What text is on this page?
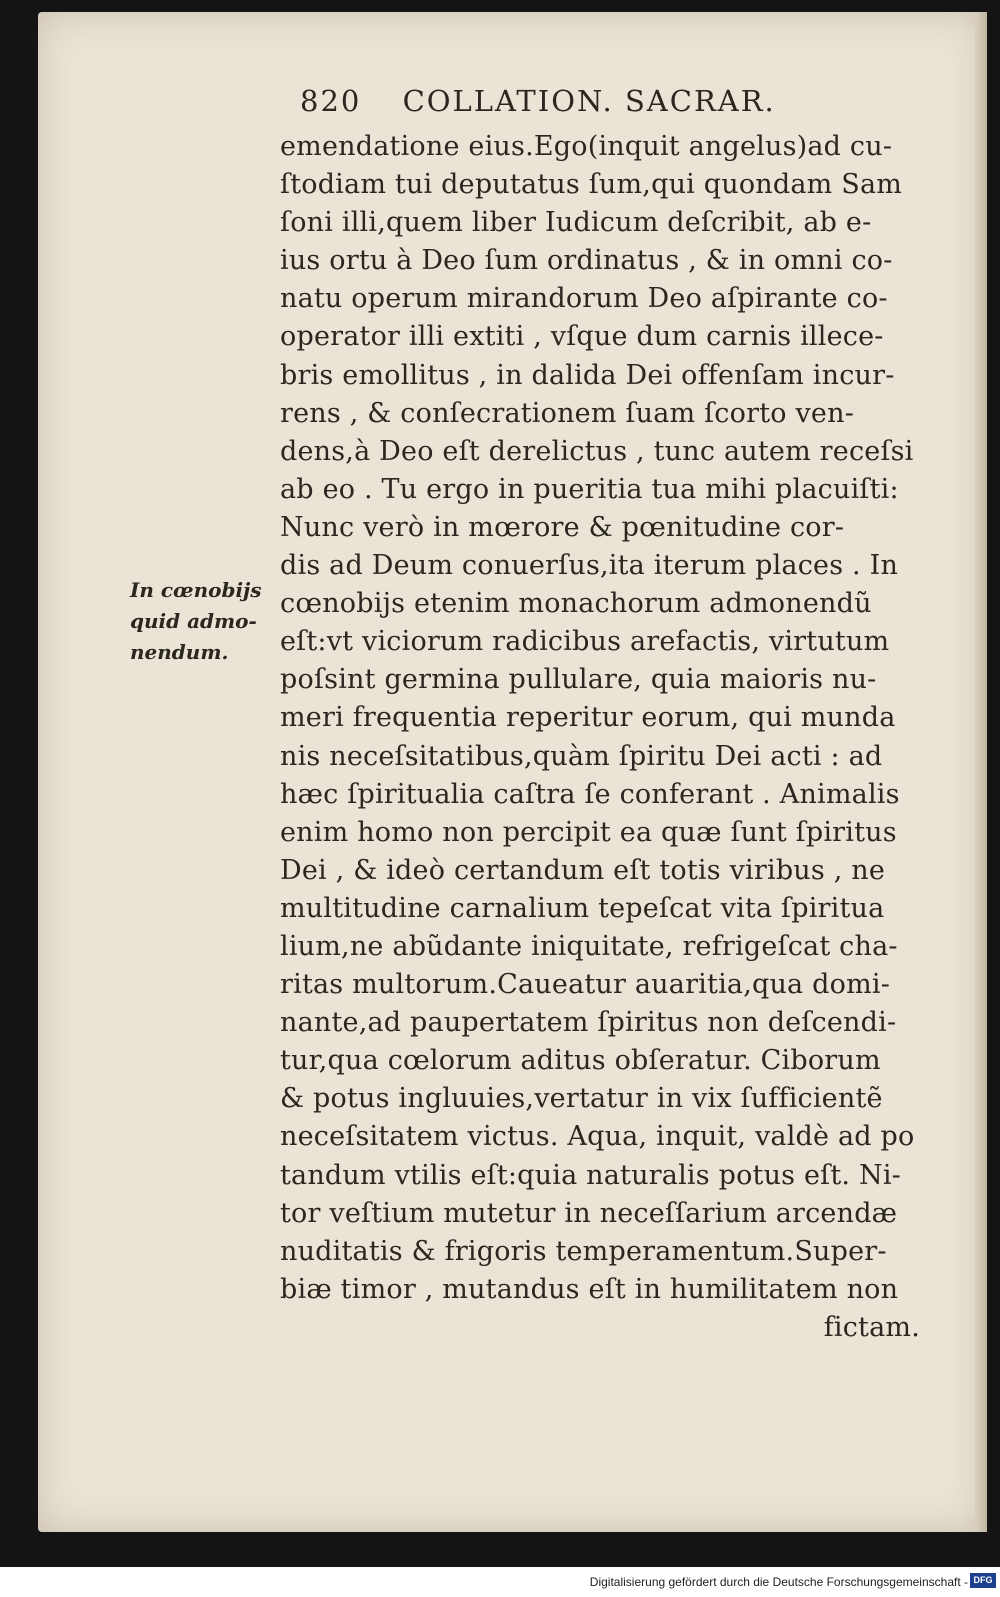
820 COLLATION. SACRAR.
In cœnobijs
quid admo-
nendum.
emendatione eius.Ego(inquit angelus)ad cu-
ſtodiam tui deputatus ſum,qui quondam Sam
ſoni illi,quem liber Iudicum deſcribit, ab e-
ius ortu à Deo ſum ordinatus , & in omni co-
natu operum mirandorum Deo aſpirante co-
operator illi extiti , vſque dum carnis illece-
bris emollitus , in dalida Dei offenſam incur-
rens , & conſecrationem ſuam ſcorto ven-
dens,à Deo eſt derelictus , tunc autem receſsi
ab eo . Tu ergo in pueritia tua mihi placuiſti:
Nunc verò in mœrore & pœnitudine cor-
dis ad Deum conuerſus,ita iterum places . In
cœnobijs etenim monachorum admonendũ
eſt:vt viciorum radicibus arefactis, virtutum
poſsint germina pullulare, quia maioris nu-
meri frequentia reperitur eorum, qui munda
nis neceſsitatibus,quàm ſpiritu Dei acti : ad
hæc ſpiritualia caſtra ſe conferant . Animalis
enim homo non percipit ea quæ ſunt ſpiritus
Dei , & ideò certandum eſt totis viribus , ne
multitudine carnalium tepeſcat vita ſpiritua
lium,ne abũdante iniquitate, refrigeſcat cha-
ritas multorum.Caueatur auaritia,qua domi-
nante,ad paupertatem ſpiritus non deſcendi-
tur,qua cœlorum aditus obſeratur. Ciborum
& potus ingluuies,vertatur in vix ſufficientẽ
neceſsitatem victus. Aqua, inquit, valdè ad po
tandum vtilis eſt:quia naturalis potus eſt. Ni-
tor veſtium mutetur in neceſſarium arcendæ
nuditatis & frigoris temperamentum.Super-
biæ timor , mutandus eſt in humilitatem non
fictam.
Digitalisierung gefördert durch die Deutsche Forschungsgemeinschaft - DFG
